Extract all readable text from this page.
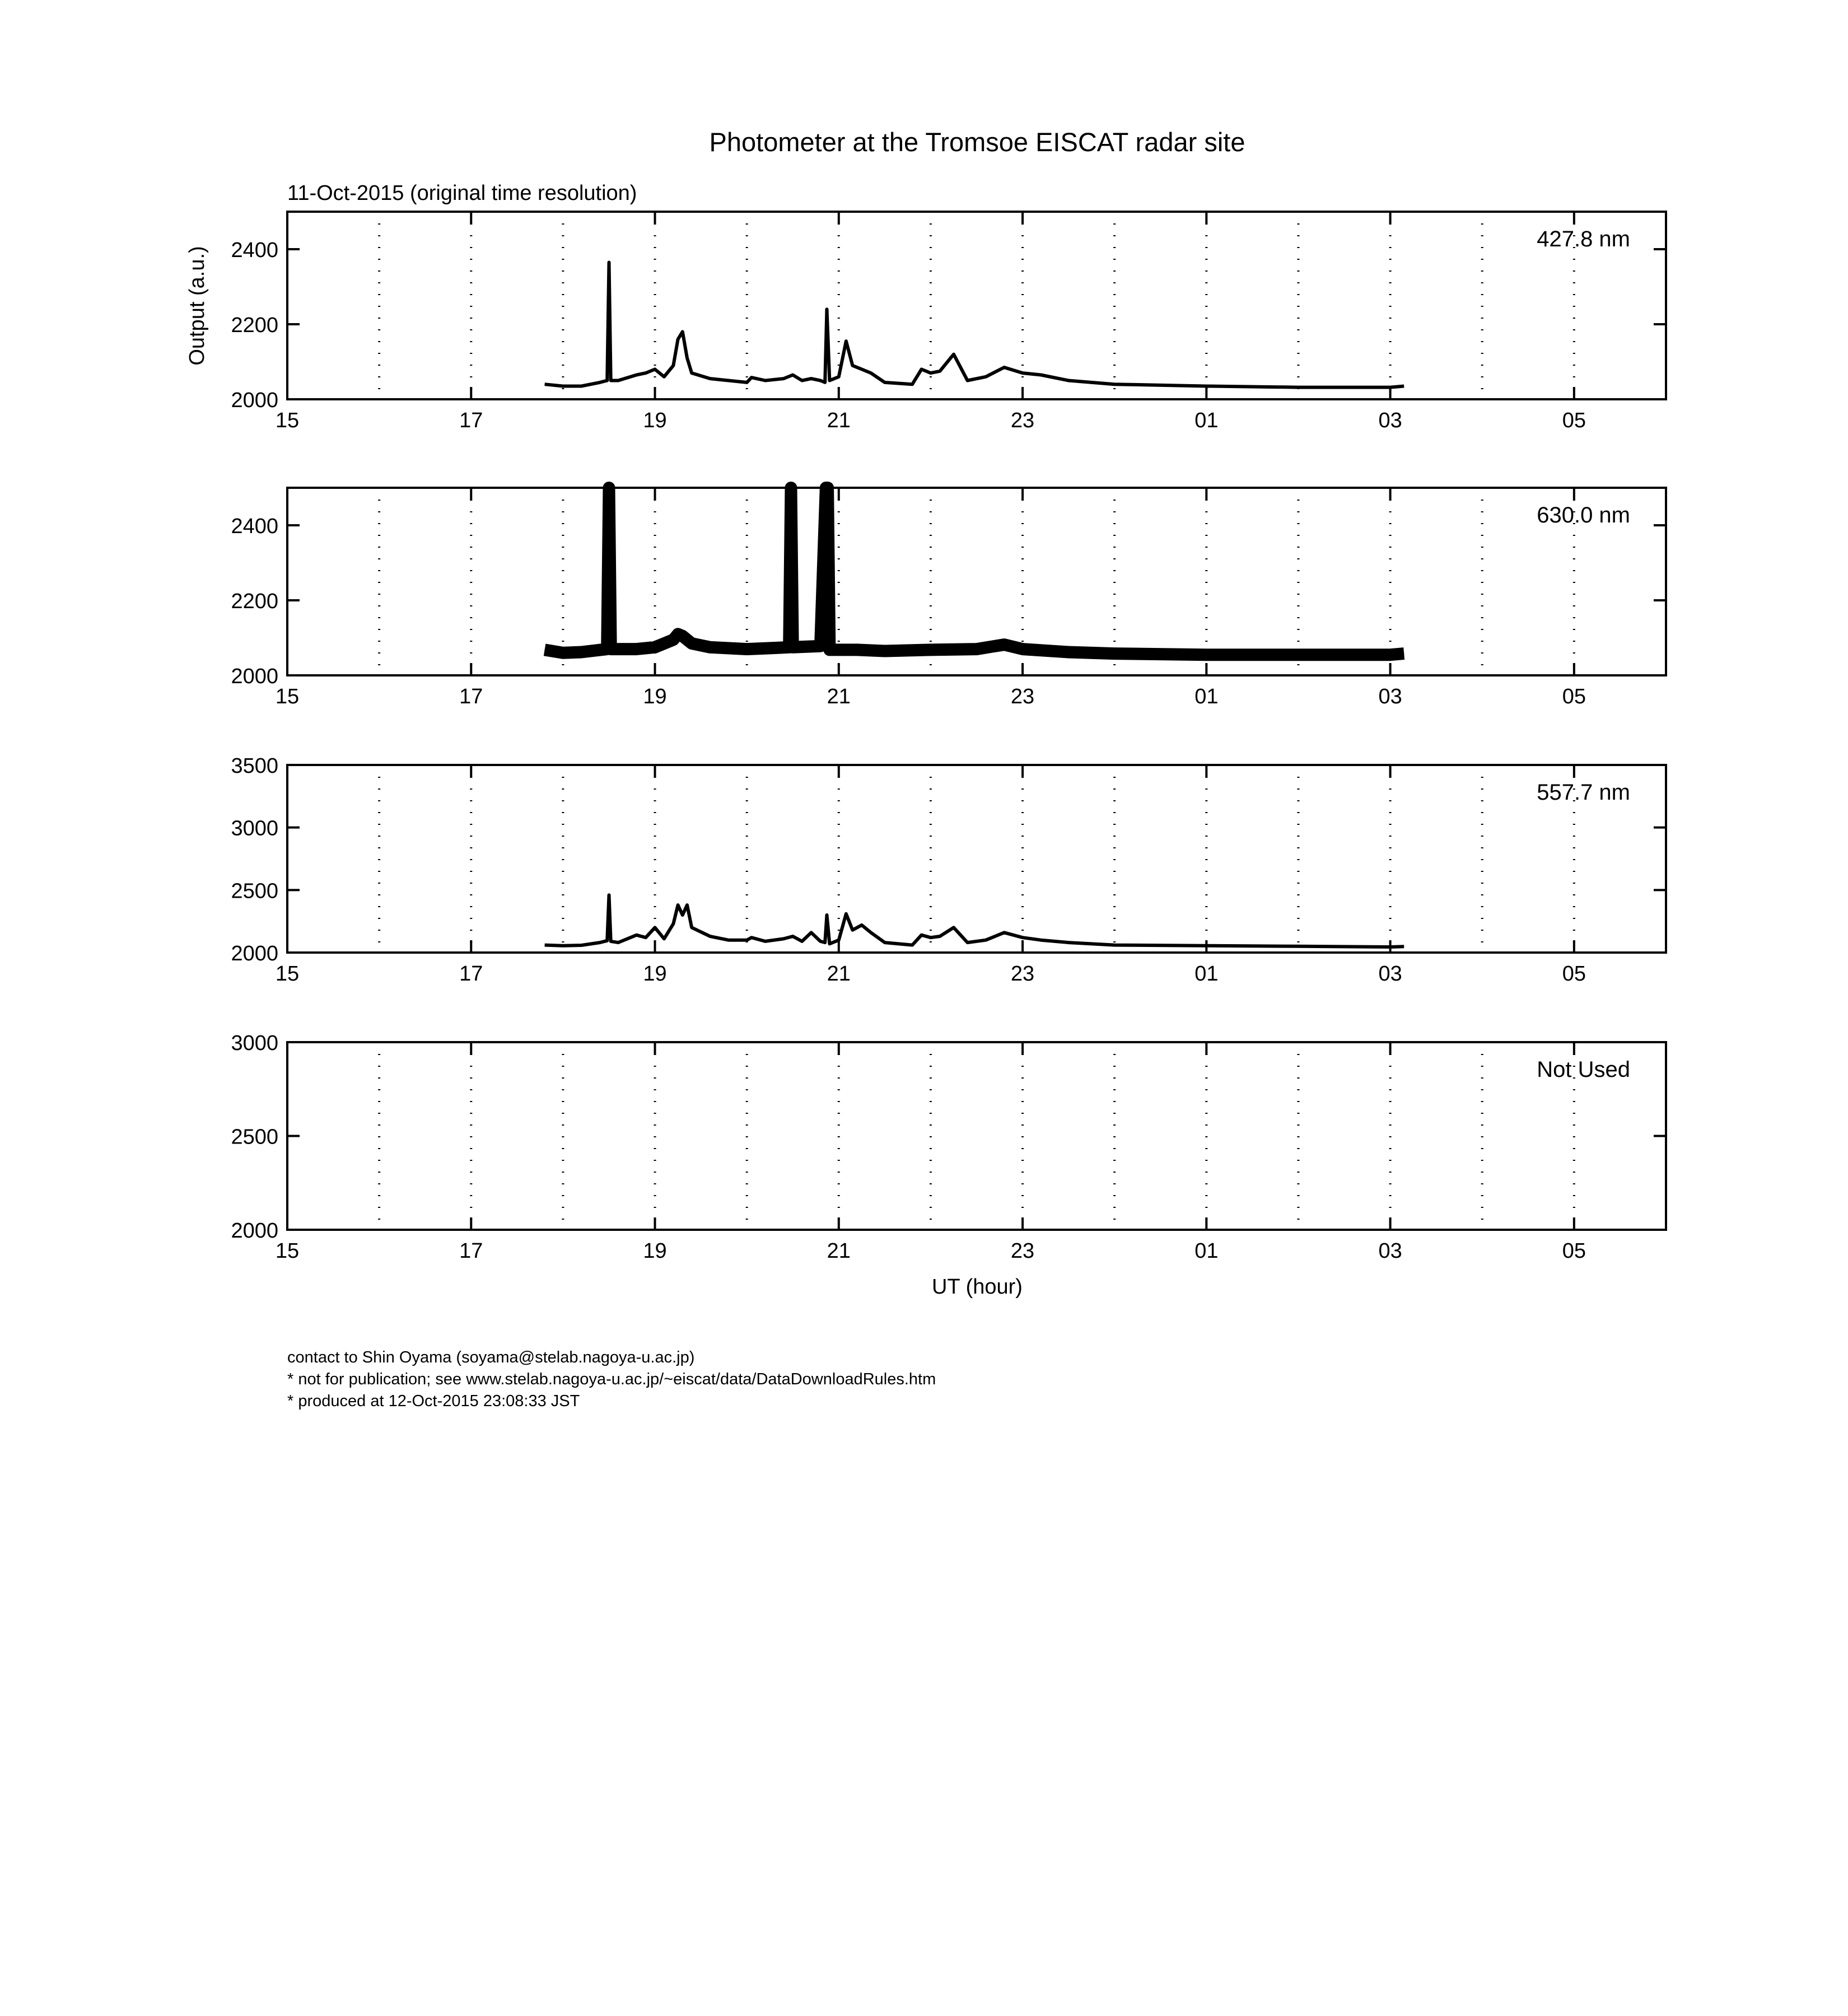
Photometer at the Tromsoe EISCAT radar site
11-Oct-2015 (original time resolution)
Output (a.u.)
UT (hour)
15	17	19	21	23	01	03	05
2000
2200
2400	427.8 nm
15	17	19	21	23	01	03	05
2000
2200
2400	630.0 nm
15	17	19	21	23	01	03	05
2000
2500
3000
3500
557.7 nm
15	17	19	21	23	01	03	05
2000
2500
3000
Not Used
contact to Shin Oyama (soyama@stelab.nagoya-u.ac.jp)
* not for publication; see www.stelab.nagoya-u.ac.jp/~eiscat/data/DataDownloadRules.htm
* produced at 12-Oct-2015 23:08:33 JST
